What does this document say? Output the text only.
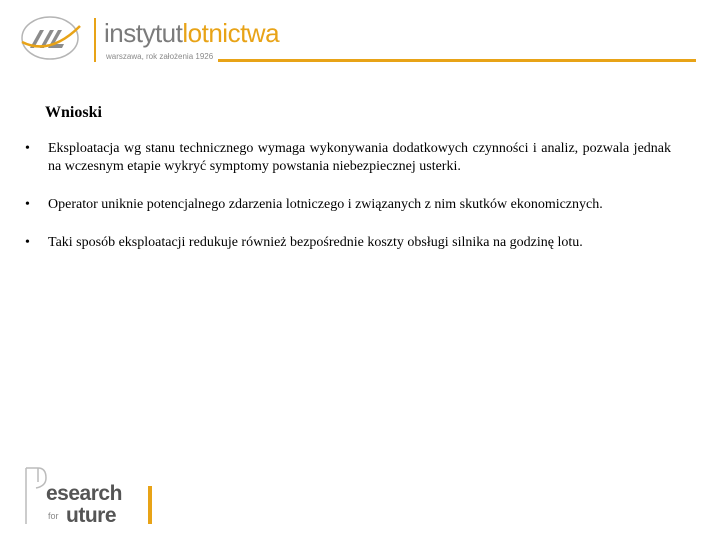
instytutlotnictwa
warszawa, rok założenia 1926
Wnioski
• Eksploatacja wg stanu technicznego wymaga wykonywania dodatkowych czynności i analiz, pozwala jednak na wczesnym etapie wykryć symptomy powstania niebezpiecznej usterki.
• Operator uniknie potencjalnego zdarzenia lotniczego i związanych z nim skutków ekonomicznych.
• Taki sposób eksploatacji redukuje również bezpośrednie koszty obsługi silnika na godzinę lotu.
esearch
for uture
